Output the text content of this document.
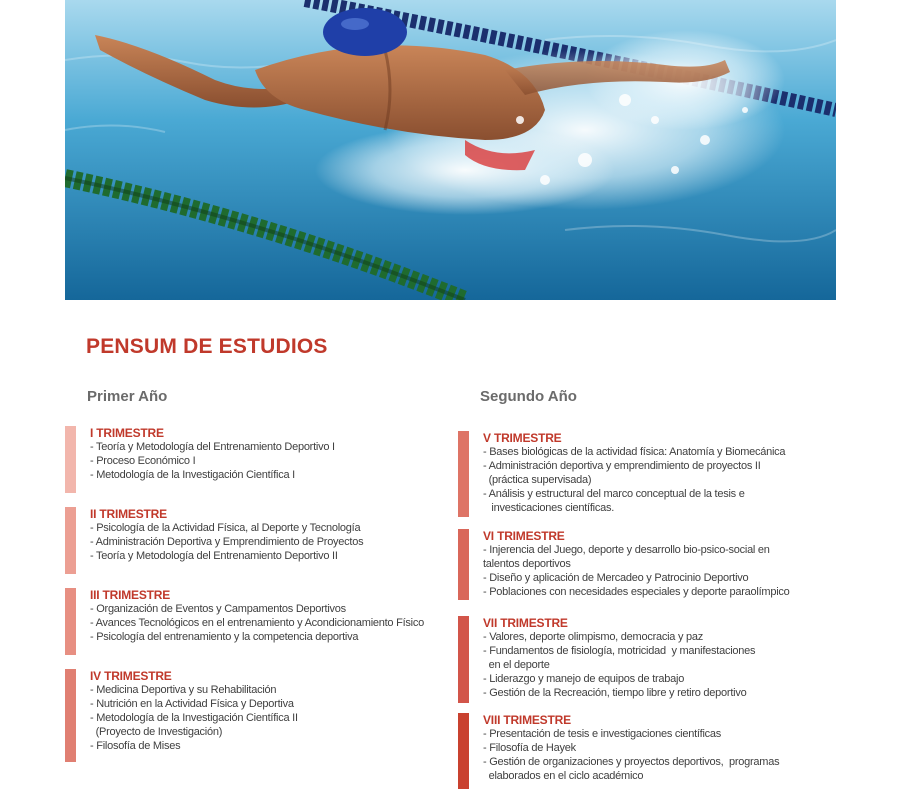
PENSUM DE ESTUDIOS
Primer Año	Segundo Año
I TRIMESTRE
- Teoría y Metodología del Entrenamiento Deportivo I
- Proceso Económico I
- Metodología de la Investigación Científica I
II TRIMESTRE
- Psicología de la Actividad Física, al Deporte y Tecnología
- Administración Deportiva y Emprendimiento de Proyectos
- Teoría y Metodología del Entrenamiento Deportivo II
III TRIMESTRE
- Organización de Eventos y Campamentos Deportivos
- Avances Tecnológicos en el entrenamiento y Acondicionamiento Físico
- Psicología del entrenamiento y la competencia deportiva
IV TRIMESTRE
- Medicina Deportiva y su Rehabilitación
- Nutrición en la Actividad Física y Deportiva
- Metodología de la Investigación Científica II
(Proyecto de Investigación)
- Filosofía de Mises
V TRIMESTRE
- Bases biológicas de la actividad física: Anatomía y Biomecánica
- Administración deportiva y emprendimiento de proyectos II
(práctica supervisada)
- Análisis y estructural del marco conceptual de la tesis e
investicaciones científicas.
VI TRIMESTRE
- Injerencia del Juego, deporte y desarrollo bio-psico-social en
talentos deportivos
- Diseño y aplicación de Mercadeo y Patrocinio Deportivo
- Poblaciones con necesidades especiales y deporte paraolímpico
VII TRIMESTRE
- Valores, deporte olimpismo, democracia y paz
- Fundamentos de fisiología, motricidad  y manifestaciones
en el deporte
- Liderazgo y manejo de equipos de trabajo
- Gestión de la Recreación, tiempo libre y retiro deportivo
VIII TRIMESTRE
- Presentación de tesis e investigaciones científicas
- Filosofía de Hayek
- Gestión de organizaciones y proyectos deportivos,  programas
elaborados en el ciclo académico
